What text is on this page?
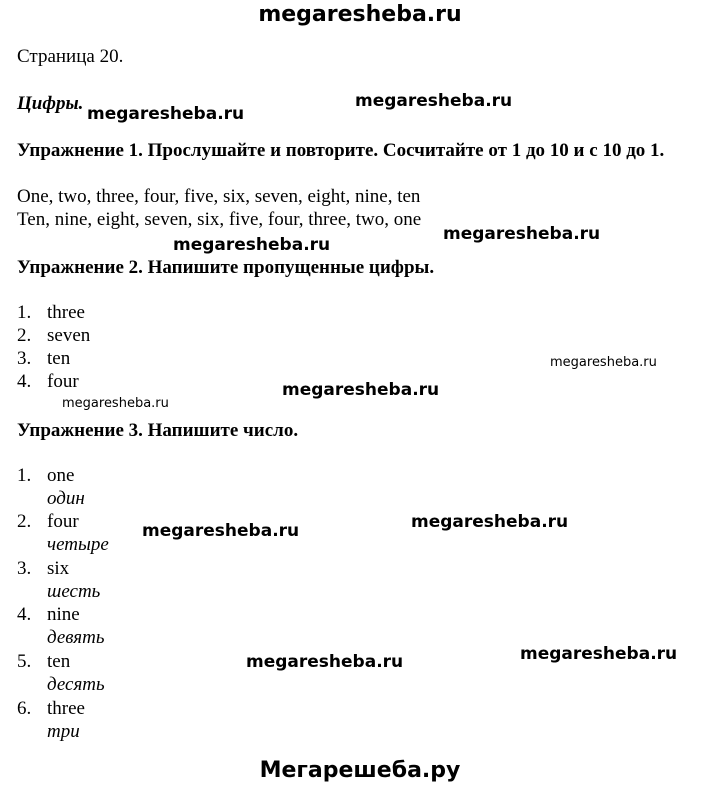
megaresheba.ru
Страница 20.
Цифры.
Упражнение 1. Прослушайте и повторите. Сосчитайте от 1 до 10 и с 10 до 1.
One, two, three, four, five, six, seven, eight, nine, ten
Ten, nine, eight, seven, six, five, four, three, two, one
Упражнение 2. Напишите пропущенные цифры.
1. three
2. seven
3. ten
4. four
Упражнение 3. Напишите число.
1. one
один
2. four
четыре
3. six
шесть
4. nine
девять
5. ten
десять
6. three
три
megaresheba.ru
megaresheba.ru
megaresheba.ru
megaresheba.ru
megaresheba.ru
megaresheba.ru
megaresheba.ru
megaresheba.ru
megaresheba.ru
megaresheba.ru
megaresheba.ru
Мегарешеба.ру
